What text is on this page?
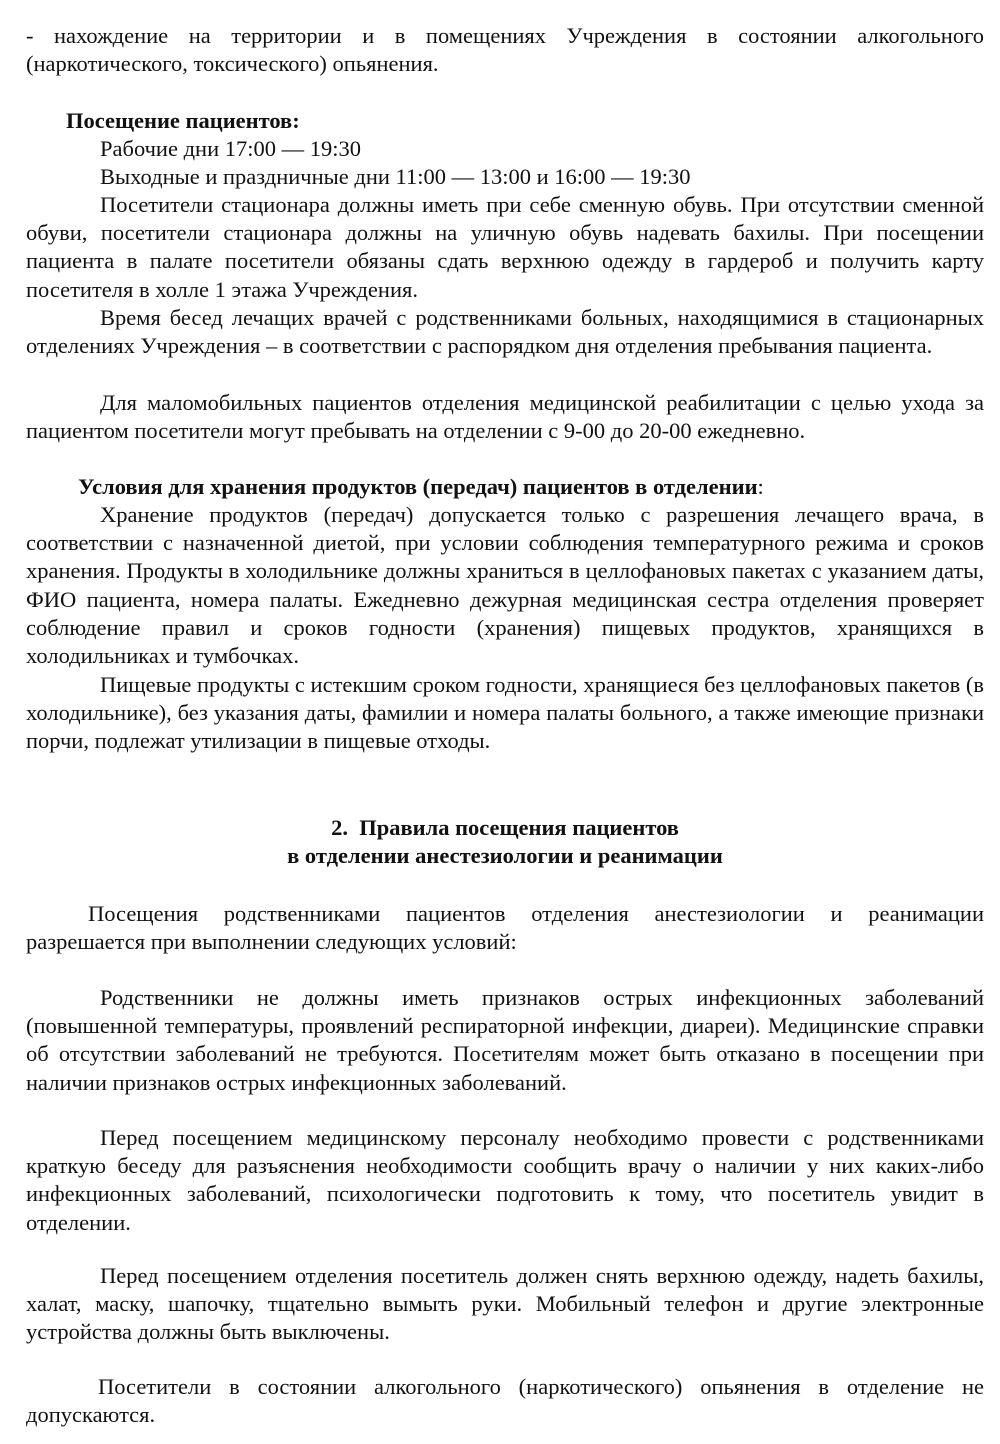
- нахождение на территории и в помещениях Учреждения в состоянии алкогольного (наркотического, токсического) опьянения.

Посещение пациентов:

Рабочие дни 17:00 — 19:30

Выходные и праздничные дни 11:00 — 13:00 и 16:00 — 19:30

Посетители стационара должны иметь при себе сменную обувь. При отсутствии сменной обуви, посетители стационара должны на уличную обувь надевать бахилы. При посещении пациента в палате посетители обязаны сдать верхнюю одежду в гардероб и получить карту посетителя в холле 1 этажа Учреждения.

Время бесед лечащих врачей с родственниками больных, находящимися в стационарных отделениях Учреждения – в соответствии с распорядком дня отделения пребывания пациента.

Для маломобильных пациентов отделения медицинской реабилитации с целью ухода за пациентом посетители могут пребывать на отделении с 9-00 до 20-00 ежедневно.

Условия для хранения продуктов (передач) пациентов в отделении:

Хранение продуктов (передач) допускается только с разрешения лечащего врача, в соответствии с назначенной диетой, при условии соблюдения температурного режима и сроков хранения. Продукты в холодильнике должны храниться в целлофановых пакетах с указанием даты, ФИО пациента, номера палаты. Ежедневно дежурная медицинская сестра отделения проверяет соблюдение правил и сроков годности (хранения) пищевых продуктов, хранящихся в холодильниках и тумбочках.

Пищевые продукты с истекшим сроком годности, хранящиеся без целлофановых пакетов (в холодильнике), без указания даты, фамилии и номера палаты больного, а также имеющие признаки порчи, подлежат утилизации в пищевые отходы.

2. Правила посещения пациентов

в отделении анестезиологии и реанимации

Посещения родственниками пациентов отделения анестезиологии и реанимации разрешается при выполнении следующих условий:

Родственники не должны иметь признаков острых инфекционных заболеваний (повышенной температуры, проявлений респираторной инфекции, диареи). Медицинские справки об отсутствии заболеваний не требуются. Посетителям может быть отказано в посещении при наличии признаков острых инфекционных заболеваний.

Перед посещением медицинскому персоналу необходимо провести с родственниками краткую беседу для разъяснения необходимости сообщить врачу о наличии у них каких-либо инфекционных заболеваний, психологически подготовить к тому, что посетитель увидит в отделении.

Перед посещением отделения посетитель должен снять верхнюю одежду, надеть бахилы, халат, маску, шапочку, тщательно вымыть руки. Мобильный телефон и другие электронные устройства должны быть выключены.

Посетители в состоянии алкогольного (наркотического) опьянения в отделение не допускаются.
